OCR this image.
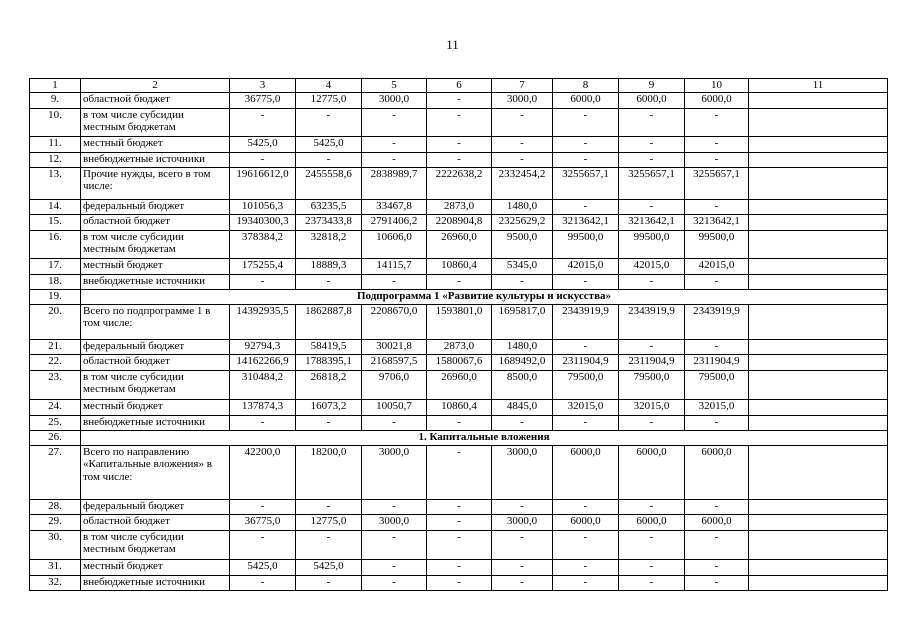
11
1	2	3	4	5	6	7	8	9	10	11
9.	областной бюджет	36775,0	12775,0	3000,0	-	3000,0	6000,0	6000,0	6000,0	
10.	в том числе субсидии местным бюджетам	-	-	-	-	-	-	-	-	
11.	местный бюджет	5425,0	5425,0	-	-	-	-	-	-	
12.	внебюджетные источники	-	-	-	-	-	-	-	-	
13.	Прочие нужды, всего в том числе:	19616612,0	2455558,6	2838989,7	2222638,2	2332454,2	3255657,1	3255657,1	3255657,1	
14.	федеральный бюджет	101056,3	63235,5	33467,8	2873,0	1480,0	-	-	-	
15.	областной бюджет	19340300,3	2373433,8	2791406,2	2208904,8	2325629,2	3213642,1	3213642,1	3213642,1	
16.	в том числе субсидии местным бюджетам	378384,2	32818,2	10606,0	26960,0	9500,0	99500,0	99500,0	99500,0	
17.	местный бюджет	175255,4	18889,3	14115,7	10860,4	5345,0	42015,0	42015,0	42015,0	
18.	внебюджетные источники	-	-	-	-	-	-	-	-	
19.	Подпрограмма 1 «Развитие культуры и искусства»									
20.	Всего по подпрограмме 1 в том числе:	14392935,5	1862887,8	2208670,0	1593801,0	1695817,0	2343919,9	2343919,9	2343919,9	
21.	федеральный бюджет	92794,3	58419,5	30021,8	2873,0	1480,0	-	-	-	
22.	областной бюджет	14162266,9	1788395,1	2168597,5	1580067,6	1689492,0	2311904,9	2311904,9	2311904,9	
23.	в том числе субсидии местным бюджетам	310484,2	26818,2	9706,0	26960,0	8500,0	79500,0	79500,0	79500,0	
24.	местный бюджет	137874,3	16073,2	10050,7	10860,4	4845,0	32015,0	32015,0	32015,0	
25.	внебюджетные источники	-	-	-	-	-	-	-	-	
26.	1. Капитальные вложения									
27.	Всего по направлению «Капитальные вложения» в том числе:	42200,0	18200,0	3000,0	-	3000,0	6000,0	6000,0	6000,0	
28.	федеральный бюджет	-	-	-	-	-	-	-	-	
29.	областной бюджет	36775,0	12775,0	3000,0	-	3000,0	6000,0	6000,0	6000,0	
30.	в том числе субсидии местным бюджетам	-	-	-	-	-	-	-	-	
31.	местный бюджет	5425,0	5425,0	-	-	-	-	-	-	
32.	внебюджетные источники	-	-	-	-	-	-	-	-	
